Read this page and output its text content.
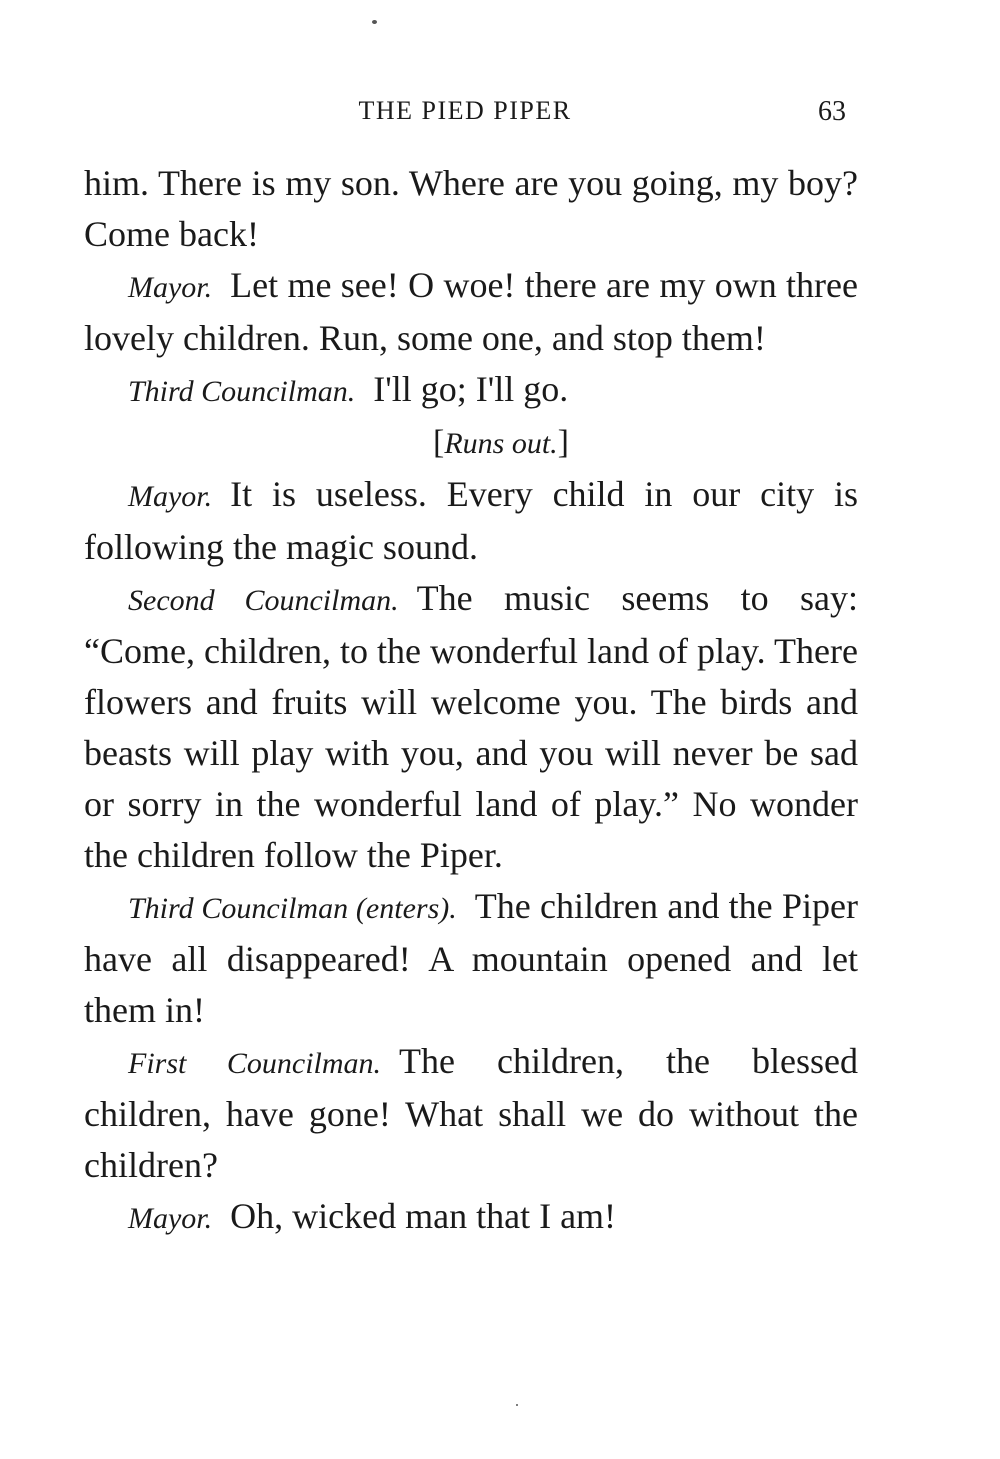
THE PIED PIPER	63

him. There is my son. Where are you going, my boy? Come back!

Mayor. Let me see! O woe! there are my own three lovely children. Run, some one, and stop them!

Third Councilman. I'll go; I'll go.

[Runs out.]

Mayor. It is useless. Every child in our city is following the magic sound.

Second Councilman. The music seems to say: “Come, children, to the wonderful land of play. There flowers and fruits will welcome you. The birds and beasts will play with you, and you will never be sad or sorry in the wonderful land of play.” No wonder the children follow the Piper.

Third Councilman (enters). The children and the Piper have all disappeared! A mountain opened and let them in!

First Councilman. The children, the blessed children, have gone! What shall we do without the children?

Mayor. Oh, wicked man that I am!
